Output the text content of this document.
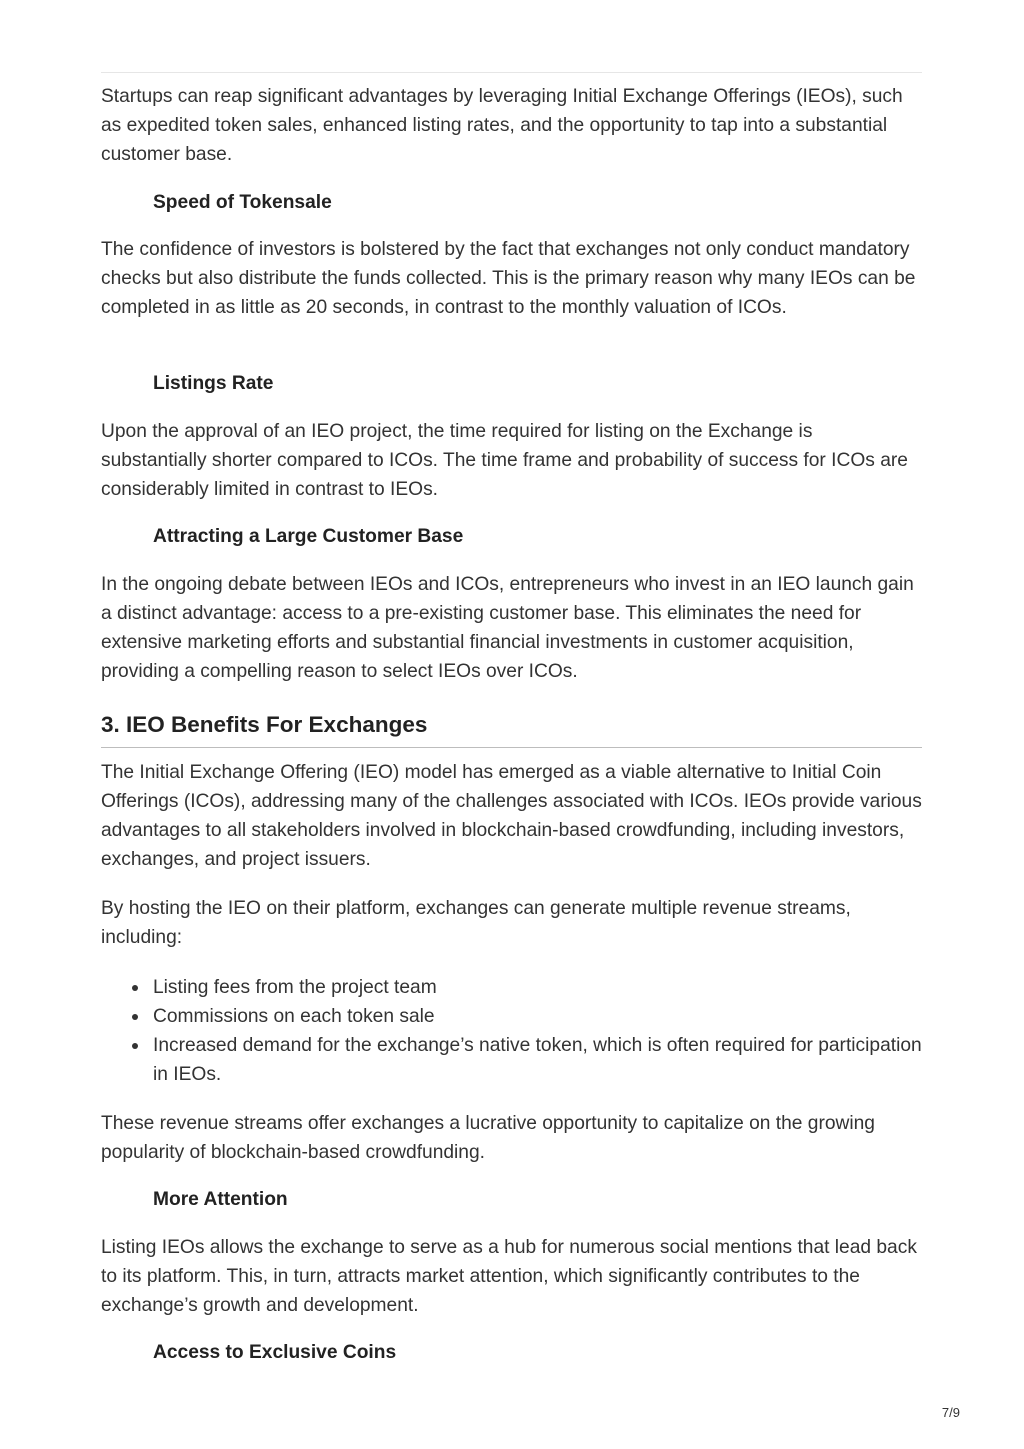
Startups can reap significant advantages by leveraging Initial Exchange Offerings (IEOs), such as expedited token sales, enhanced listing rates, and the opportunity to tap into a substantial customer base.

Speed of Tokensale

The confidence of investors is bolstered by the fact that exchanges not only conduct mandatory checks but also distribute the funds collected. This is the primary reason why many IEOs can be completed in as little as 20 seconds, in contrast to the monthly valuation of ICOs.

Listings Rate

Upon the approval of an IEO project, the time required for listing on the Exchange is substantially shorter compared to ICOs. The time frame and probability of success for ICOs are considerably limited in contrast to IEOs.

Attracting a Large Customer Base

In the ongoing debate between IEOs and ICOs, entrepreneurs who invest in an IEO launch gain a distinct advantage: access to a pre-existing customer base. This eliminates the need for extensive marketing efforts and substantial financial investments in customer acquisition, providing a compelling reason to select IEOs over ICOs.

3. IEO Benefits For Exchanges

The Initial Exchange Offering (IEO) model has emerged as a viable alternative to Initial Coin Offerings (ICOs), addressing many of the challenges associated with ICOs. IEOs provide various advantages to all stakeholders involved in blockchain-based crowdfunding, including investors, exchanges, and project issuers.

By hosting the IEO on their platform, exchanges can generate multiple revenue streams, including:

Listing fees from the project team
Commissions on each token sale
Increased demand for the exchange’s native token, which is often required for participation in IEOs.

These revenue streams offer exchanges a lucrative opportunity to capitalize on the growing popularity of blockchain-based crowdfunding.

More Attention

Listing IEOs allows the exchange to serve as a hub for numerous social mentions that lead back to its platform. This, in turn, attracts market attention, which significantly contributes to the exchange’s growth and development.

Access to Exclusive Coins
7/9
